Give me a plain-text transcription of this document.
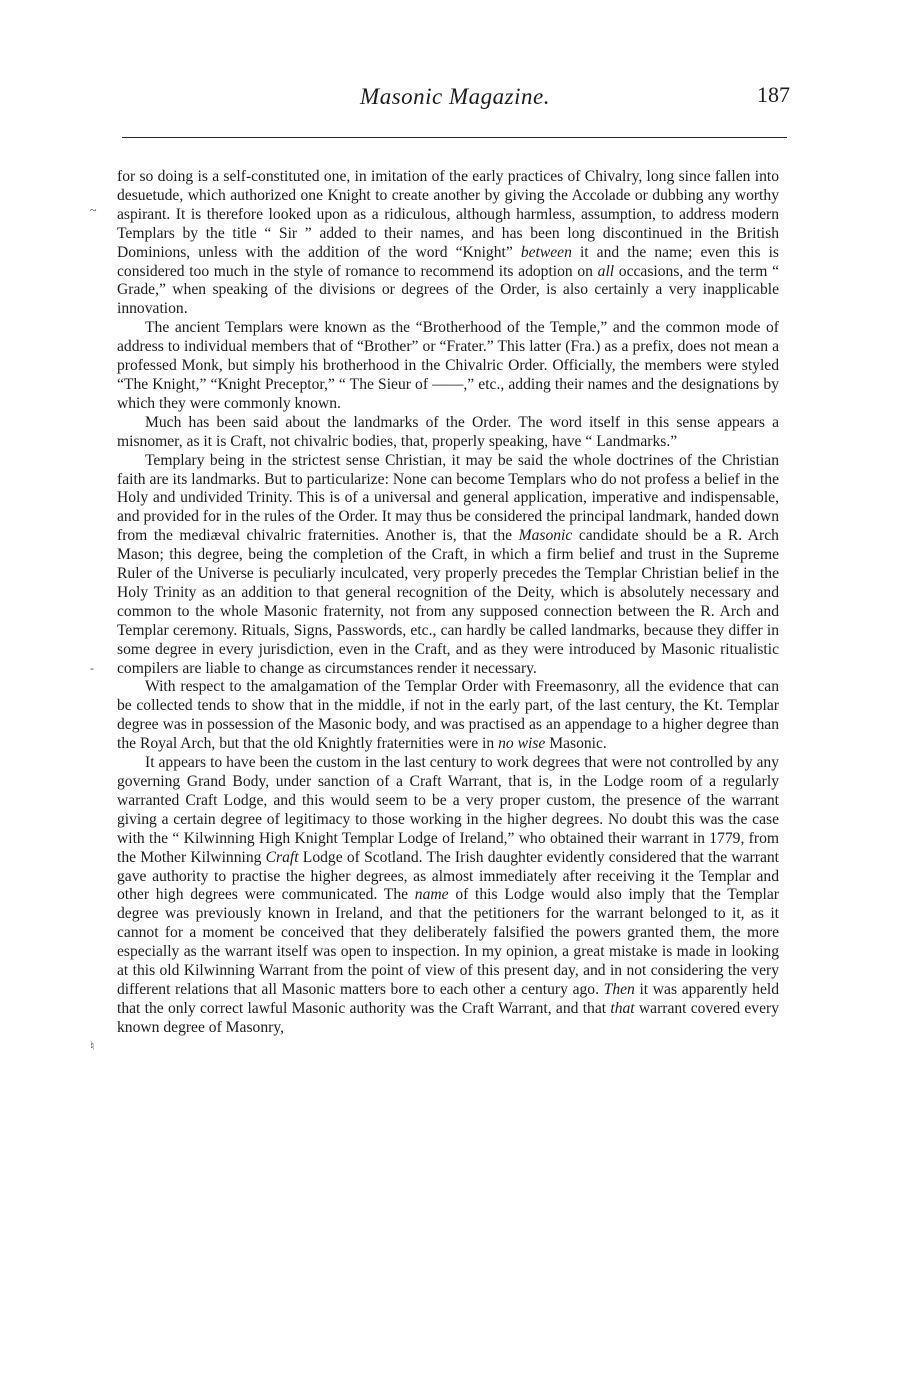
Masonic Magazine.	187
~
-
♮

for so doing is a self-constituted one, in imitation of the early practices of Chivalry, long since fallen into desuetude, which authorized one Knight to create another by giving the Accolade or dubbing any worthy aspirant. It is therefore looked upon as a ridiculous, although harmless, assumption, to address modern Templars by the title “ Sir ” added to their names, and has been long discontinued in the British Dominions, unless with the addition of the word “Knight” between it and the name; even this is considered too much in the style of romance to recommend its adoption on all occasions, and the term “ Grade,” when speaking of the divisions or degrees of the Order, is also certainly a very inapplicable innovation.

The ancient Templars were known as the “Brotherhood of the Temple,” and the common mode of address to individual members that of “Brother” or “Frater.” This latter (Fra.) as a prefix, does not mean a professed Monk, but simply his brotherhood in the Chivalric Order. Officially, the members were styled “The Knight,” “Knight Preceptor,” “ The Sieur of ——,” etc., adding their names and the designations by which they were commonly known.

Much has been said about the landmarks of the Order. The word itself in this sense appears a misnomer, as it is Craft, not chivalric bodies, that, properly speaking, have “ Landmarks.”

Templary being in the strictest sense Christian, it may be said the whole doctrines of the Christian faith are its landmarks. But to particularize: None can become Templars who do not profess a belief in the Holy and undivided Trinity. This is of a universal and general application, imperative and indispensable, and provided for in the rules of the Order. It may thus be considered the principal landmark, handed down from the mediæval chivalric fraternities. Another is, that the Masonic candidate should be a R. Arch Mason; this degree, being the completion of the Craft, in which a firm belief and trust in the Supreme Ruler of the Universe is peculiarly inculcated, very properly precedes the Templar Christian belief in the Holy Trinity as an addition to that general recognition of the Deity, which is absolutely necessary and common to the whole Masonic fraternity, not from any supposed connection between the R. Arch and Templar ceremony. Rituals, Signs, Passwords, etc., can hardly be called landmarks, because they differ in some degree in every jurisdiction, even in the Craft, and as they were introduced by Masonic ritualistic compilers are liable to change as circumstances render it necessary.

With respect to the amalgamation of the Templar Order with Freemasonry, all the evidence that can be collected tends to show that in the middle, if not in the early part, of the last century, the Kt. Templar degree was in possession of the Masonic body, and was practised as an appendage to a higher degree than the Royal Arch, but that the old Knightly fraternities were in no wise Masonic.

It appears to have been the custom in the last century to work degrees that were not controlled by any governing Grand Body, under sanction of a Craft Warrant, that is, in the Lodge room of a regularly warranted Craft Lodge, and this would seem to be a very proper custom, the presence of the warrant giving a certain degree of legitimacy to those working in the higher degrees. No doubt this was the case with the “ Kilwinning High Knight Templar Lodge of Ireland,” who obtained their warrant in 1779, from the Mother Kilwinning Craft Lodge of Scotland. The Irish daughter evidently considered that the warrant gave authority to practise the higher degrees, as almost immediately after receiving it the Templar and other high degrees were communicated. The name of this Lodge would also imply that the Templar degree was previously known in Ireland, and that the petitioners for the warrant belonged to it, as it cannot for a moment be conceived that they deliberately falsified the powers granted them, the more especially as the warrant itself was open to inspection. In my opinion, a great mistake is made in looking at this old Kilwinning Warrant from the point of view of this present day, and in not considering the very different relations that all Masonic matters bore to each other a century ago. Then it was apparently held that the only correct lawful Masonic authority was the Craft Warrant, and that that warrant covered every known degree of Masonry,
